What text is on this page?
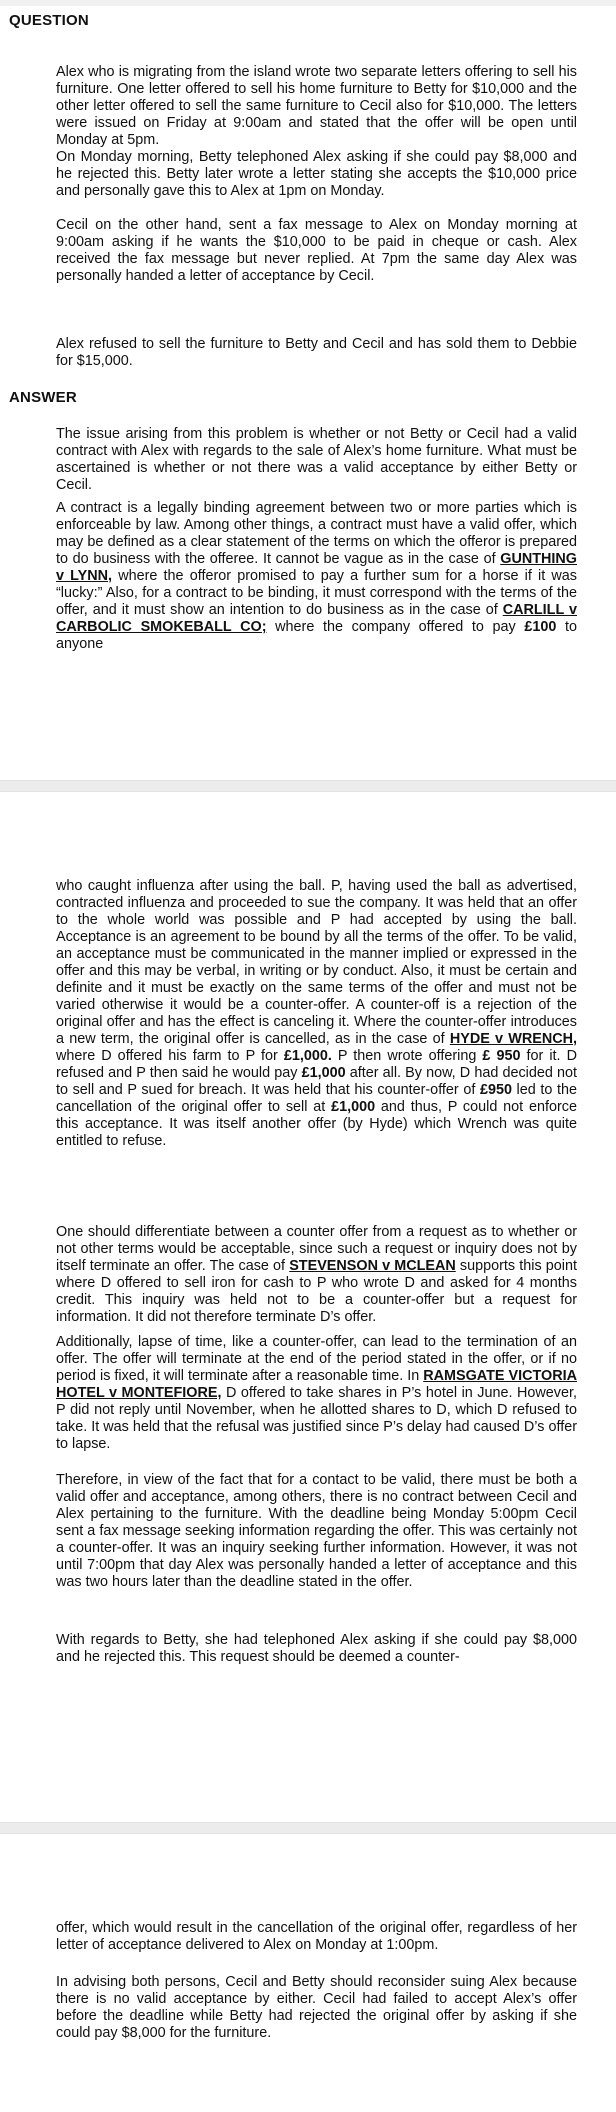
QUESTION

Alex who is migrating from the island wrote two separate letters offering to sell his furniture. One letter offered to sell his home furniture to Betty for $10,000 and the other letter offered to sell the same furniture to Cecil also for $10,000. The letters were issued on Friday at 9:00am and stated that the offer will be open until Monday at 5pm.

On Monday morning, Betty telephoned Alex asking if she could pay $8,000 and he rejected this. Betty later wrote a letter stating she accepts the $10,000 price and personally gave this to Alex at 1pm on Monday.

Cecil on the other hand, sent a fax message to Alex on Monday morning at 9:00am asking if he wants the $10,000 to be paid in cheque or cash. Alex received the fax message but never replied. At 7pm the same day Alex was personally handed a letter of acceptance by Cecil.

Alex refused to sell the furniture to Betty and Cecil and has sold them to Debbie for $15,000.

ANSWER

The issue arising from this problem is whether or not Betty or Cecil had a valid contract with Alex with regards to the sale of Alex’s home furniture. What must be ascertained is whether or not there was a valid acceptance by either Betty or Cecil.

A contract is a legally binding agreement between two or more parties which is enforceable by law. Among other things, a contract must have a valid offer, which may be defined as a clear statement of the terms on which the offeror is prepared to do business with the offeree. It cannot be vague as in the case of GUNTHING v LYNN, where the offeror promised to pay a further sum for a horse if it was “lucky:” Also, for a contract to be binding, it must correspond with the terms of the offer, and it must show an intention to do business as in the case of CARLILL v CARBOLIC SMOKEBALL CO; where the company offered to pay £100 to anyone

who caught influenza after using the ball. P, having used the ball as advertised, contracted influenza and proceeded to sue the company. It was held that an offer to the whole world was possible and P had accepted by using the ball. Acceptance is an agreement to be bound by all the terms of the offer. To be valid, an acceptance must be communicated in the manner implied or expressed in the offer and this may be verbal, in writing or by conduct. Also, it must be certain and definite and it must be exactly on the same terms of the offer and must not be varied otherwise it would be a counter-offer. A counter-off is a rejection of the original offer and has the effect is canceling it. Where the counter-offer introduces a new term, the original offer is cancelled, as in the case of HYDE v WRENCH, where D offered his farm to P for £1,000. P then wrote offering £ 950 for it. D refused and P then said he would pay £1,000 after all. By now, D had decided not to sell and P sued for breach. It was held that his counter-offer of £950 led to the cancellation of the original offer to sell at £1,000 and thus, P could not enforce this acceptance. It was itself another offer (by Hyde) which Wrench was quite entitled to refuse.

One should differentiate between a counter offer from a request as to whether or not other terms would be acceptable, since such a request or inquiry does not by itself terminate an offer. The case of STEVENSON v MCLEAN supports this point where D offered to sell iron for cash to P who wrote D and asked for 4 months credit. This inquiry was held not to be a counter-offer but a request for information. It did not therefore terminate D’s offer.

Additionally, lapse of time, like a counter-offer, can lead to the termination of an offer. The offer will terminate at the end of the period stated in the offer, or if no period is fixed, it will terminate after a reasonable time. In RAMSGATE VICTORIA HOTEL v MONTEFIORE, D offered to take shares in P’s hotel in June. However, P did not reply until November, when he allotted shares to D, which D refused to take. It was held that the refusal was justified since P’s delay had caused D’s offer to lapse.

Therefore, in view of the fact that for a contact to be valid, there must be both a valid offer and acceptance, among others, there is no contract between Cecil and Alex pertaining to the furniture. With the deadline being Monday 5:00pm Cecil sent a fax message seeking information regarding the offer. This was certainly not a counter-offer. It was an inquiry seeking further information. However, it was not until 7:00pm that day Alex was personally handed a letter of acceptance and this was two hours later than the deadline stated in the offer.

With regards to Betty, she had telephoned Alex asking if she could pay $8,000 and he rejected this. This request should be deemed a counter-

offer, which would result in the cancellation of the original offer, regardless of her letter of acceptance delivered to Alex on Monday at 1:00pm.

In advising both persons, Cecil and Betty should reconsider suing Alex because there is no valid acceptance by either. Cecil had failed to accept Alex’s offer before the deadline while Betty had rejected the original offer by asking if she could pay $8,000 for the furniture.
